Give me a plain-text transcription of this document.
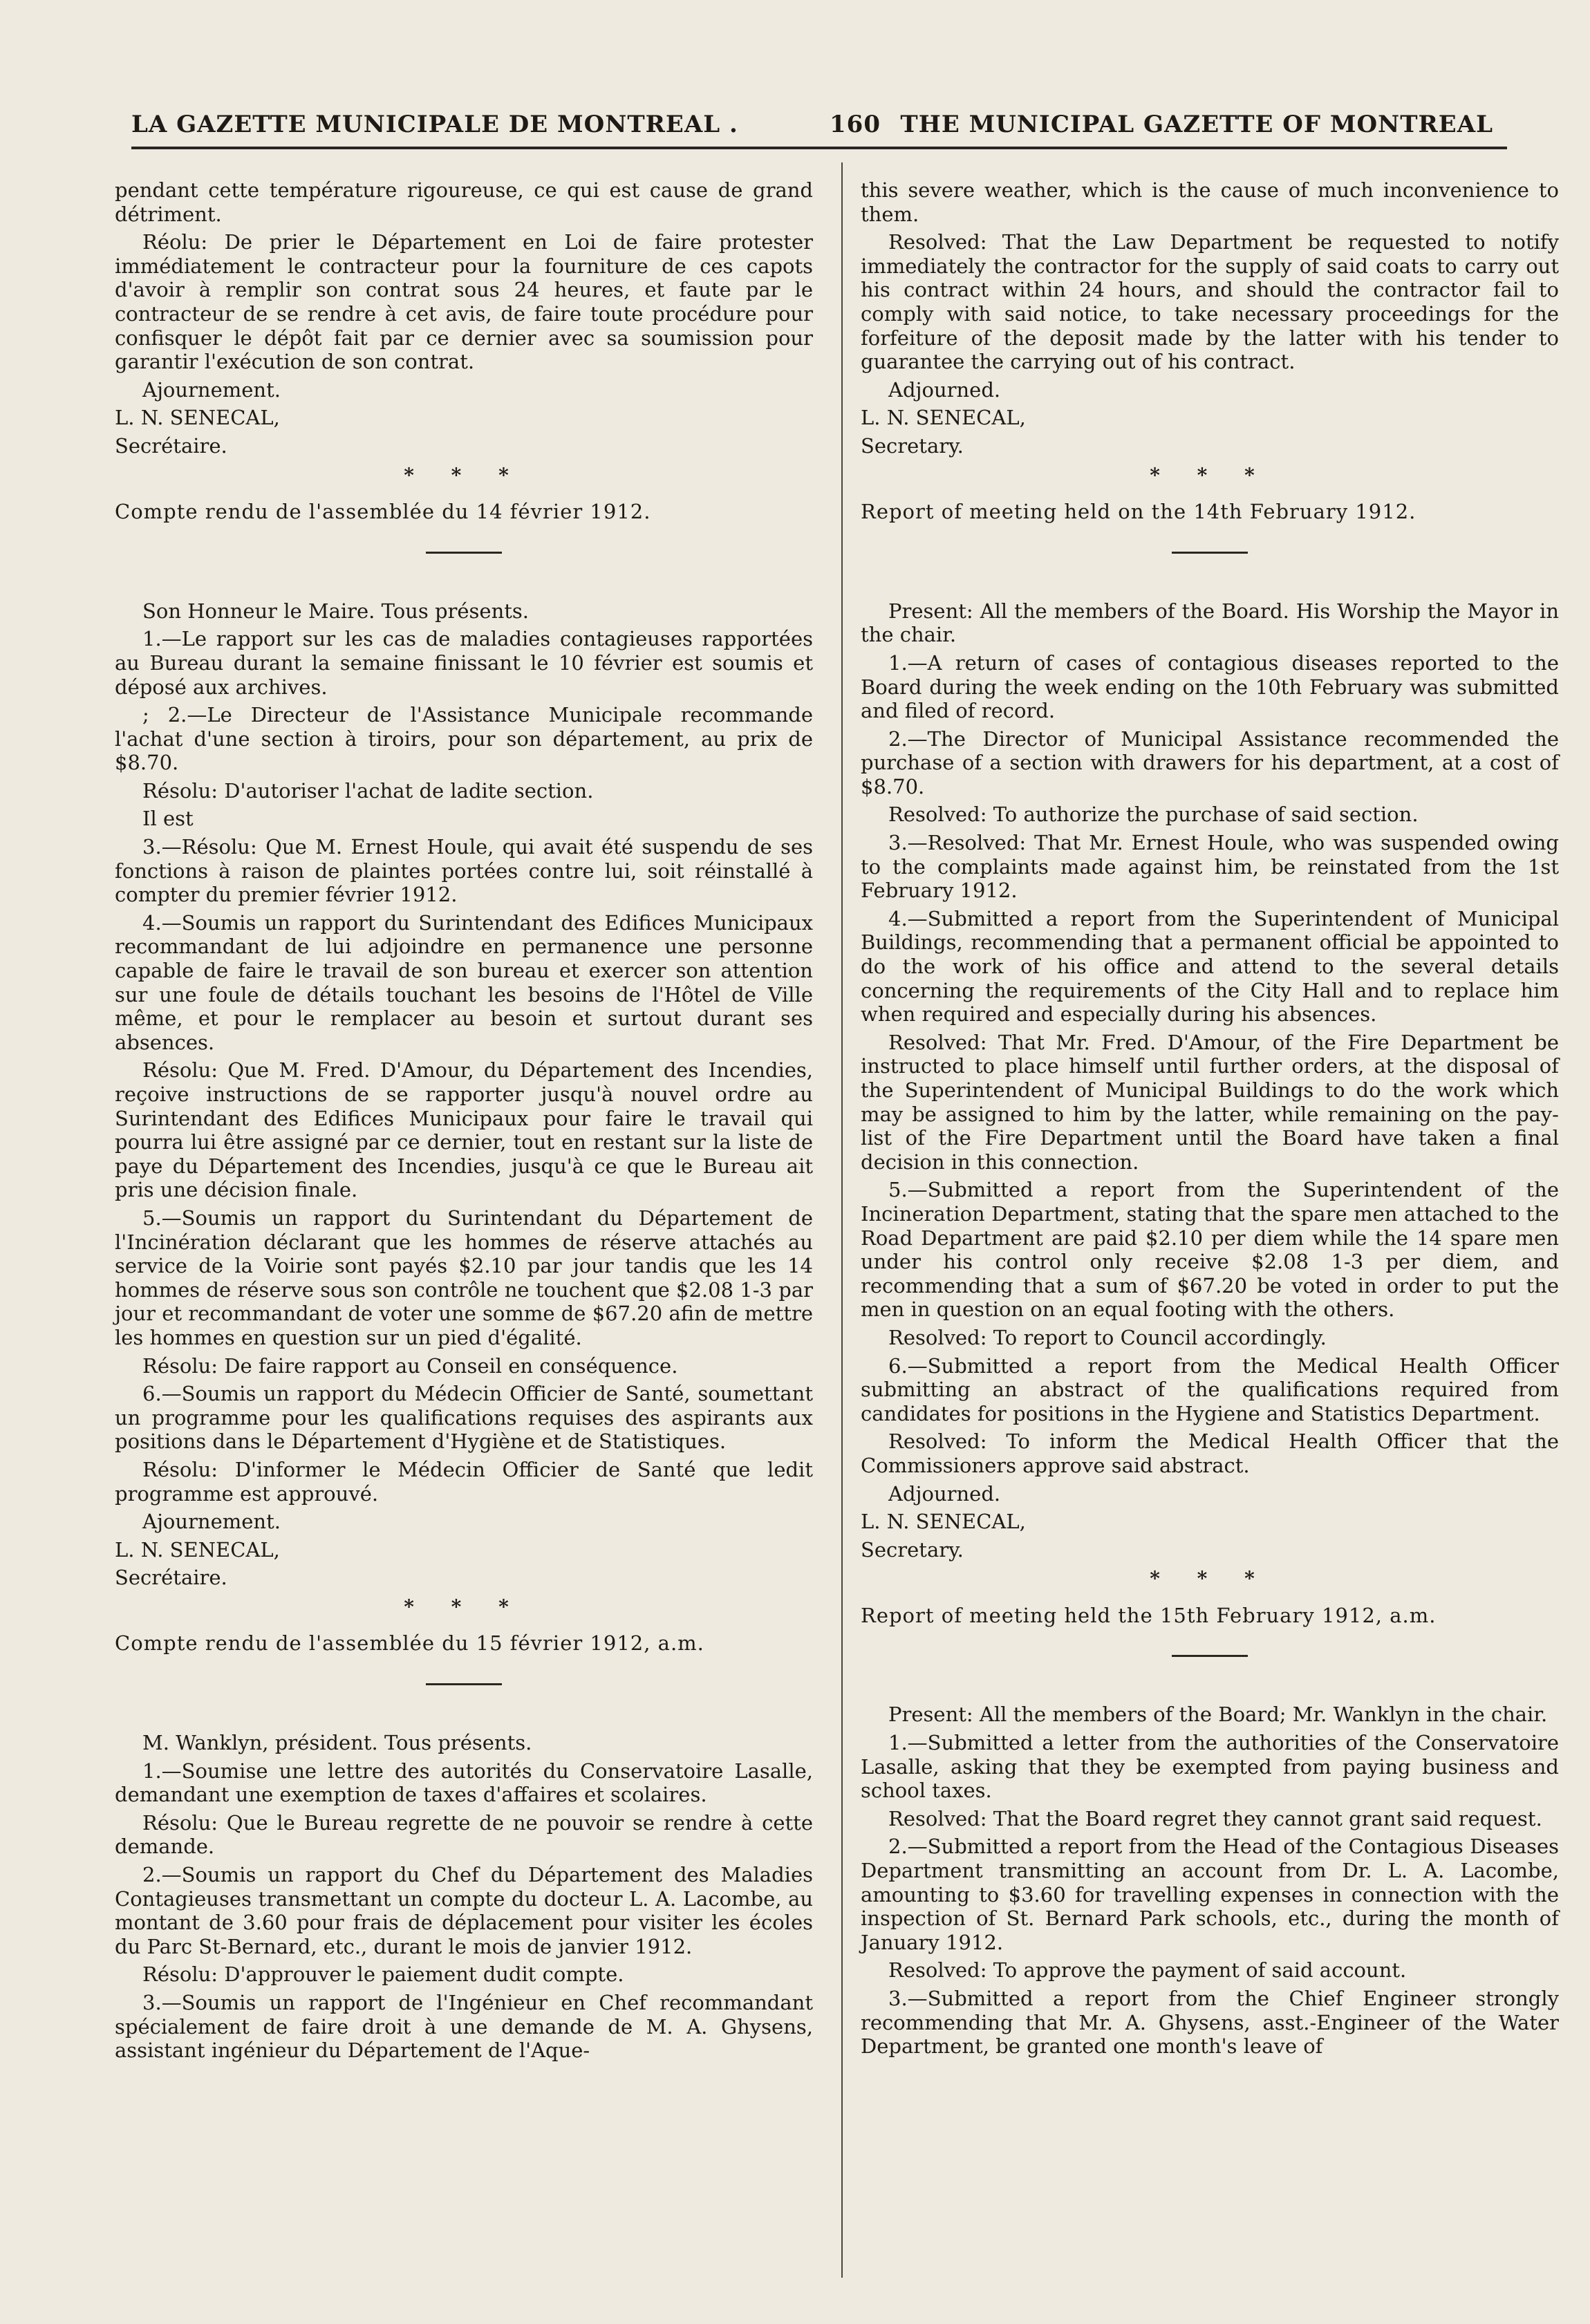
LA GAZETTE MUNICIPALE DE MONTREAL .	160 THE MUNICIPAL GAZETTE OF MONTREAL

pendant cette température rigoureuse, ce qui est cause de grand détriment.

Réolu: De prier le Département en Loi de faire protester immédiatement le contracteur pour la fourniture de ces capots d'avoir à remplir son contrat sous 24 heures, et faute par le contracteur de se rendre à cet avis, de faire toute procédure pour confisquer le dépôt fait par ce dernier avec sa soumission pour garantir l'exécution de son contrat.

Ajournement.

L. N. SENECAL,

Secrétaire.

* * *

Compte rendu de l'assemblée du 14 février 1912.

Son Honneur le Maire. Tous présents.

1.—Le rapport sur les cas de maladies contagieuses rapportées au Bureau durant la semaine finissant le 10 février est soumis et déposé aux archives.

; 2.—Le Directeur de l'Assistance Municipale recommande l'achat d'une section à tiroirs, pour son département, au prix de $8.70.

Résolu: D'autoriser l'achat de ladite section.

Il est

3.—Résolu: Que M. Ernest Houle, qui avait été suspendu de ses fonctions à raison de plaintes portées contre lui, soit réinstallé à compter du premier février 1912.

4.—Soumis un rapport du Surintendant des Edifices Municipaux recommandant de lui adjoindre en permanence une personne capable de faire le travail de son bureau et exercer son attention sur une foule de détails touchant les besoins de l'Hôtel de Ville même, et pour le remplacer au besoin et surtout durant ses absences.

Résolu: Que M. Fred. D'Amour, du Département des Incendies, reçoive instructions de se rapporter jusqu'à nouvel ordre au Surintendant des Edifices Municipaux pour faire le travail qui pourra lui être assigné par ce dernier, tout en restant sur la liste de paye du Département des Incendies, jusqu'à ce que le Bureau ait pris une décision finale.

5.—Soumis un rapport du Surintendant du Département de l'Incinération déclarant que les hommes de réserve attachés au service de la Voirie sont payés $2.10 par jour tandis que les 14 hommes de réserve sous son contrôle ne touchent que $2.08 1-3 par jour et recommandant de voter une somme de $67.20 afin de mettre les hommes en question sur un pied d'égalité.

Résolu: De faire rapport au Conseil en conséquence.

6.—Soumis un rapport du Médecin Officier de Santé, soumettant un programme pour les qualifications requises des aspirants aux positions dans le Département d'Hygiène et de Statistiques.

Résolu: D'informer le Médecin Officier de Santé que ledit programme est approuvé.

Ajournement.

L. N. SENECAL,

Secrétaire.

* * *

Compte rendu de l'assemblée du 15 février 1912, a.m.

M. Wanklyn, président. Tous présents.

1.—Soumise une lettre des autorités du Conservatoire Lasalle, demandant une exemption de taxes d'affaires et scolaires.

Résolu: Que le Bureau regrette de ne pouvoir se rendre à cette demande.

2.—Soumis un rapport du Chef du Département des Maladies Contagieuses transmettant un compte du docteur L. A. Lacombe, au montant de 3.60 pour frais de déplacement pour visiter les écoles du Parc St-Bernard, etc., durant le mois de janvier 1912.

Résolu: D'approuver le paiement dudit compte.

3.—Soumis un rapport de l'Ingénieur en Chef recommandant spécialement de faire droit à une demande de M. A. Ghysens, assistant ingénieur du Département de l'Aque-

this severe weather, which is the cause of much inconvenience to them.

Resolved: That the Law Department be requested to notify immediately the contractor for the supply of said coats to carry out his contract within 24 hours, and should the contractor fail to comply with said notice, to take necessary proceedings for the forfeiture of the deposit made by the latter with his tender to guarantee the carrying out of his contract.

Adjourned.

L. N. SENECAL,

Secretary.

* * *

Report of meeting held on the 14th February 1912.

Present: All the members of the Board. His Worship the Mayor in the chair.

1.—A return of cases of contagious diseases reported to the Board during the week ending on the 10th February was submitted and filed of record.

2.—The Director of Municipal Assistance recommended the purchase of a section with drawers for his department, at a cost of $8.70.

Resolved: To authorize the purchase of said section.

3.—Resolved: That Mr. Ernest Houle, who was suspended owing to the complaints made against him, be reinstated from the 1st February 1912.

4.—Submitted a report from the Superintendent of Municipal Buildings, recommending that a permanent official be appointed to do the work of his office and attend to the several details concerning the requirements of the City Hall and to replace him when required and especially during his absences.

Resolved: That Mr. Fred. D'Amour, of the Fire Department be instructed to place himself until further orders, at the disposal of the Superintendent of Municipal Buildings to do the work which may be assigned to him by the latter, while remaining on the pay-list of the Fire Department until the Board have taken a final decision in this connection.

5.—Submitted a report from the Superintendent of the Incineration Department, stating that the spare men attached to the Road Department are paid $2.10 per diem while the 14 spare men under his control only receive $2.08 1-3 per diem, and recommending that a sum of $67.20 be voted in order to put the men in question on an equal footing with the others.

Resolved: To report to Council accordingly.

6.—Submitted a report from the Medical Health Officer submitting an abstract of the qualifications required from candidates for positions in the Hygiene and Statistics Department.

Resolved: To inform the Medical Health Officer that the Commissioners approve said abstract.

Adjourned.

L. N. SENECAL,

Secretary.

* * *

Report of meeting held the 15th February 1912, a.m.

Present: All the members of the Board; Mr. Wanklyn in the chair.

1.—Submitted a letter from the authorities of the Conservatoire Lasalle, asking that they be exempted from paying business and school taxes.

Resolved: That the Board regret they cannot grant said request.

2.—Submitted a report from the Head of the Contagious Diseases Department transmitting an account from Dr. L. A. Lacombe, amounting to $3.60 for travelling expenses in connection with the inspection of St. Bernard Park schools, etc., during the month of January 1912.

Resolved: To approve the payment of said account.

3.—Submitted a report from the Chief Engineer strongly recommending that Mr. A. Ghysens, asst.-Engineer of the Water Department, be granted one month's leave of
